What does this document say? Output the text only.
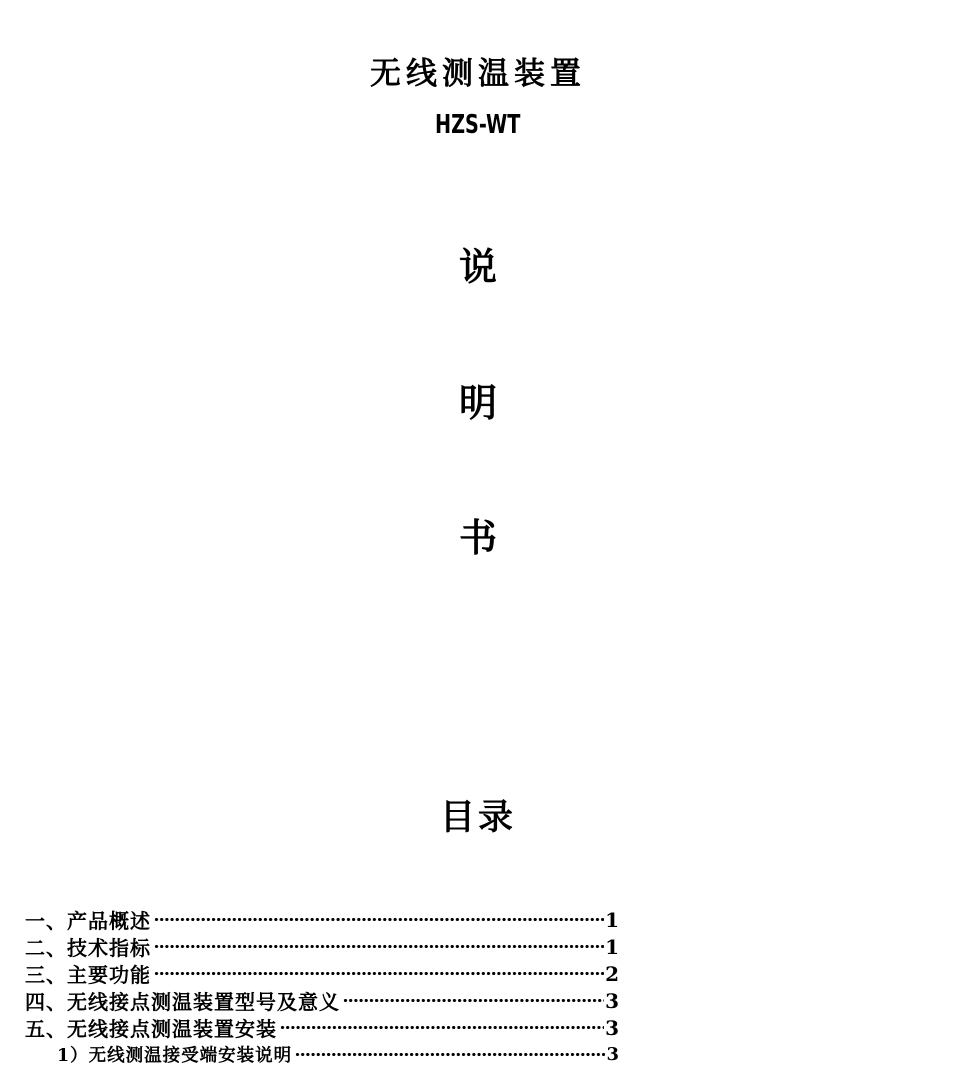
无线测温装置
HZS-WT
说
明
书
目录
一、产品概述	1
二、技术指标	1
三、主要功能	2
四、无线接点测温装置型号及意义	3
五、无线接点测温装置安装	3
1）无线测温接受端安装说明	3
